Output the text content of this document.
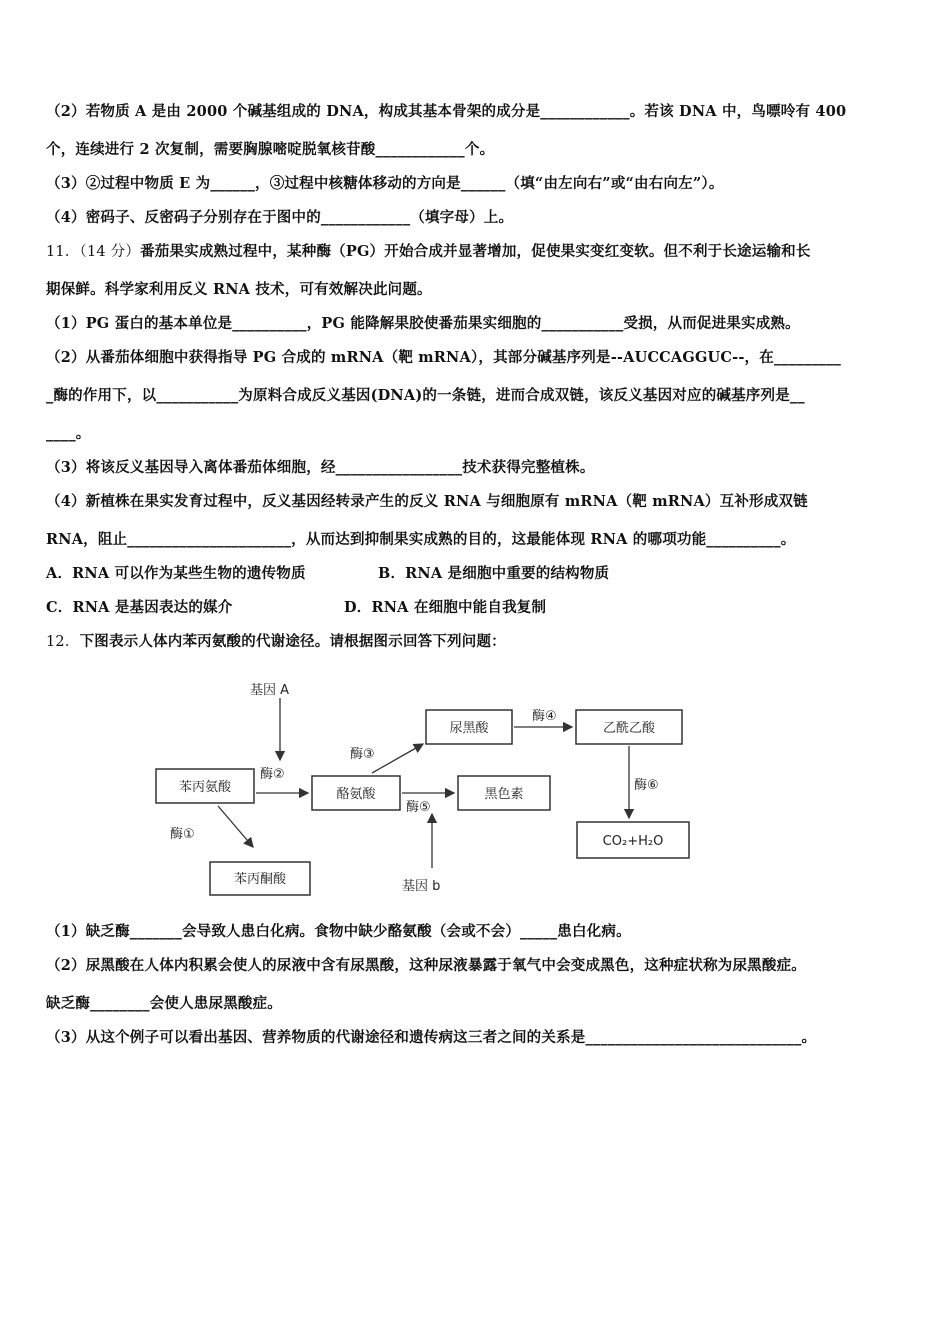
（2）若物质 A 是由 2000 个碱基组成的 DNA，构成其基本骨架的成分是____________。若该 DNA 中，鸟嘌呤有 400
个，连续进行 2 次复制，需要胸腺嘧啶脱氧核苷酸____________个。
（3）②过程中物质 E 为______，③过程中核糖体移动的方向是______（填“由左向右”或“由右向左”）。
（4）密码子、反密码子分别存在于图中的____________（填字母）上。
11．（14 分）番茄果实成熟过程中，某种酶（PG）开始合成并显著增加，促使果实变红变软。但不利于长途运输和长
期保鲜。科学家利用反义 RNA 技术，可有效解决此问题。
（1）PG 蛋白的基本单位是__________，PG 能降解果胶使番茄果实细胞的___________受损，从而促进果实成熟。
（2）从番茄体细胞中获得指导 PG 合成的 mRNA（靶 mRNA），其部分碱基序列是--AUCCAGGUC--，在_________
_酶的作用下，以___________为原料合成反义基因(DNA)的一条链，进而合成双链，该反义基因对应的碱基序列是__
____。
（3）将该反义基因导入离体番茄体细胞，经_________________技术获得完整植株。
（4）新植株在果实发育过程中，反义基因经转录产生的反义 RNA 与细胞原有 mRNA（靶 mRNA）互补形成双链
RNA，阻止______________________，从而达到抑制果实成熟的目的，这最能体现 RNA 的哪项功能__________。
A．RNA 可以作为某些生物的遗传物质	B．RNA 是细胞中重要的结构物质
C．RNA 是基因表达的媒介	D．RNA 在细胞中能自我复制
12．下图表示人体内苯丙氨酸的代谢途径。请根据图示回答下列问题：
苯丙氨酸	酪氨酸
苯丙酮酸
尿黑酸
黑色素
乙酰乙酸
CO₂+H₂O
基因 A
基因 b
酶①
酶②
酶③
酶④
酶⑤
酶⑥
（1）缺乏酶_______会导致人患白化病。食物中缺少酪氨酸（会或不会）_____患白化病。
（2）尿黑酸在人体内积累会使人的尿液中含有尿黑酸，这种尿液暴露于氧气中会变成黑色，这种症状称为尿黑酸症。
缺乏酶________会使人患尿黑酸症。
（3）从这个例子可以看出基因、营养物质的代谢途径和遗传病这三者之间的关系是_____________________________。
